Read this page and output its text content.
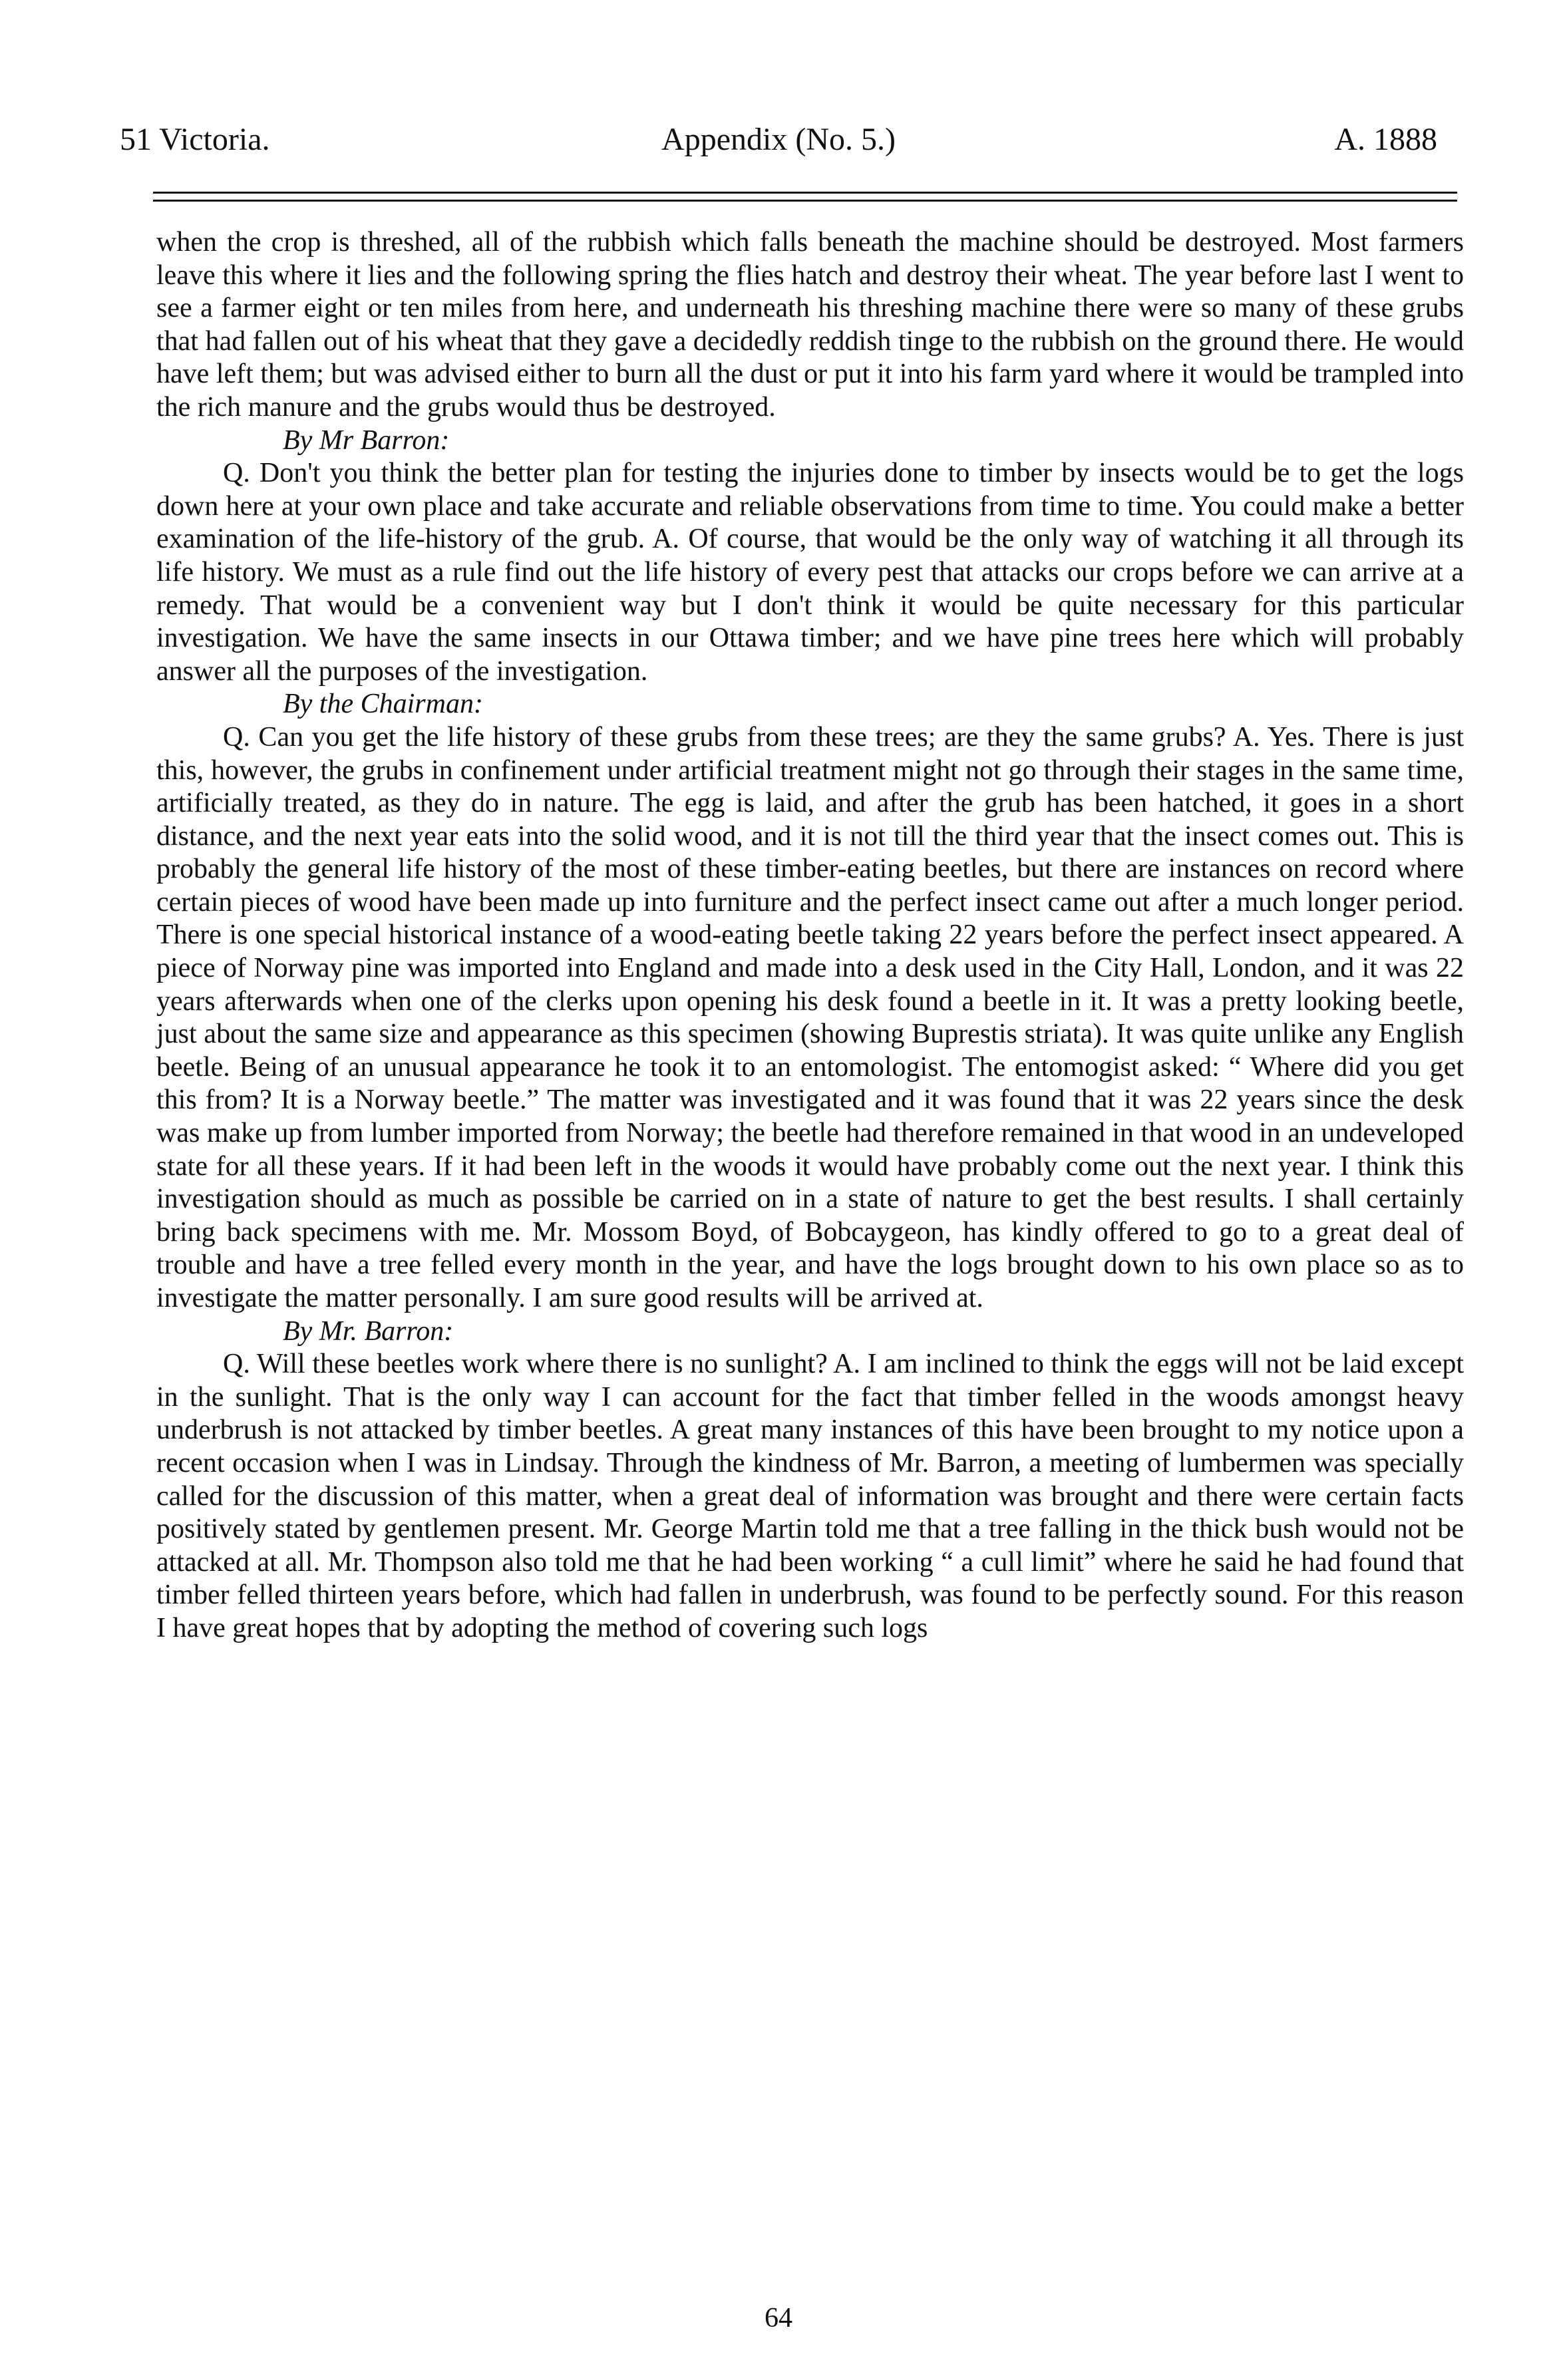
51 Victoria.	Appendix (No. 5.)	A. 1888

when the crop is threshed, all of the rubbish which falls beneath the machine should be destroyed. Most farmers leave this where it lies and the following spring the flies hatch and destroy their wheat. The year before last I went to see a farmer eight or ten miles from here, and underneath his threshing machine there were so many of these grubs that had fallen out of his wheat that they gave a decidedly reddish tinge to the rubbish on the ground there. He would have left them; but was advised either to burn all the dust or put it into his farm yard where it would be trampled into the rich manure and the grubs would thus be destroyed.

By Mr Barron:

Q. Don't you think the better plan for testing the injuries done to timber by insects would be to get the logs down here at your own place and take accurate and reliable observations from time to time. You could make a better examination of the life-history of the grub. A. Of course, that would be the only way of watching it all through its life history. We must as a rule find out the life history of every pest that attacks our crops before we can arrive at a remedy. That would be a convenient way but I don't think it would be quite necessary for this particular investigation. We have the same insects in our Ottawa timber; and we have pine trees here which will probably answer all the purposes of the investigation.

By the Chairman:

Q. Can you get the life history of these grubs from these trees; are they the same grubs? A. Yes. There is just this, however, the grubs in confinement under artificial treatment might not go through their stages in the same time, artificially treated, as they do in nature. The egg is laid, and after the grub has been hatched, it goes in a short distance, and the next year eats into the solid wood, and it is not till the third year that the insect comes out. This is probably the general life history of the most of these timber-eating beetles, but there are instances on record where certain pieces of wood have been made up into furniture and the perfect insect came out after a much longer period. There is one special historical instance of a wood-eating beetle taking 22 years before the perfect insect appeared. A piece of Norway pine was imported into England and made into a desk used in the City Hall, London, and it was 22 years afterwards when one of the clerks upon opening his desk found a beetle in it. It was a pretty looking beetle, just about the same size and appearance as this specimen (showing Buprestis striata). It was quite unlike any English beetle. Being of an unusual appearance he took it to an entomologist. The entomogist asked: “ Where did you get this from? It is a Norway beetle.” The matter was investigated and it was found that it was 22 years since the desk was make up from lumber imported from Norway; the beetle had therefore remained in that wood in an undeveloped state for all these years. If it had been left in the woods it would have probably come out the next year. I think this investigation should as much as possible be carried on in a state of nature to get the best results. I shall certainly bring back specimens with me. Mr. Mossom Boyd, of Bobcaygeon, has kindly offered to go to a great deal of trouble and have a tree felled every month in the year, and have the logs brought down to his own place so as to investigate the matter personally. I am sure good results will be arrived at.

By Mr. Barron:

Q. Will these beetles work where there is no sunlight? A. I am inclined to think the eggs will not be laid except in the sunlight. That is the only way I can account for the fact that timber felled in the woods amongst heavy underbrush is not attacked by timber beetles. A great many instances of this have been brought to my notice upon a recent occasion when I was in Lindsay. Through the kindness of Mr. Barron, a meeting of lumbermen was specially called for the discussion of this matter, when a great deal of information was brought and there were certain facts positively stated by gentlemen present. Mr. George Martin told me that a tree falling in the thick bush would not be attacked at all. Mr. Thompson also told me that he had been working “ a cull limit” where he said he had found that timber felled thirteen years before, which had fallen in underbrush, was found to be perfectly sound. For this reason I have great hopes that by adopting the method of covering such logs

64
